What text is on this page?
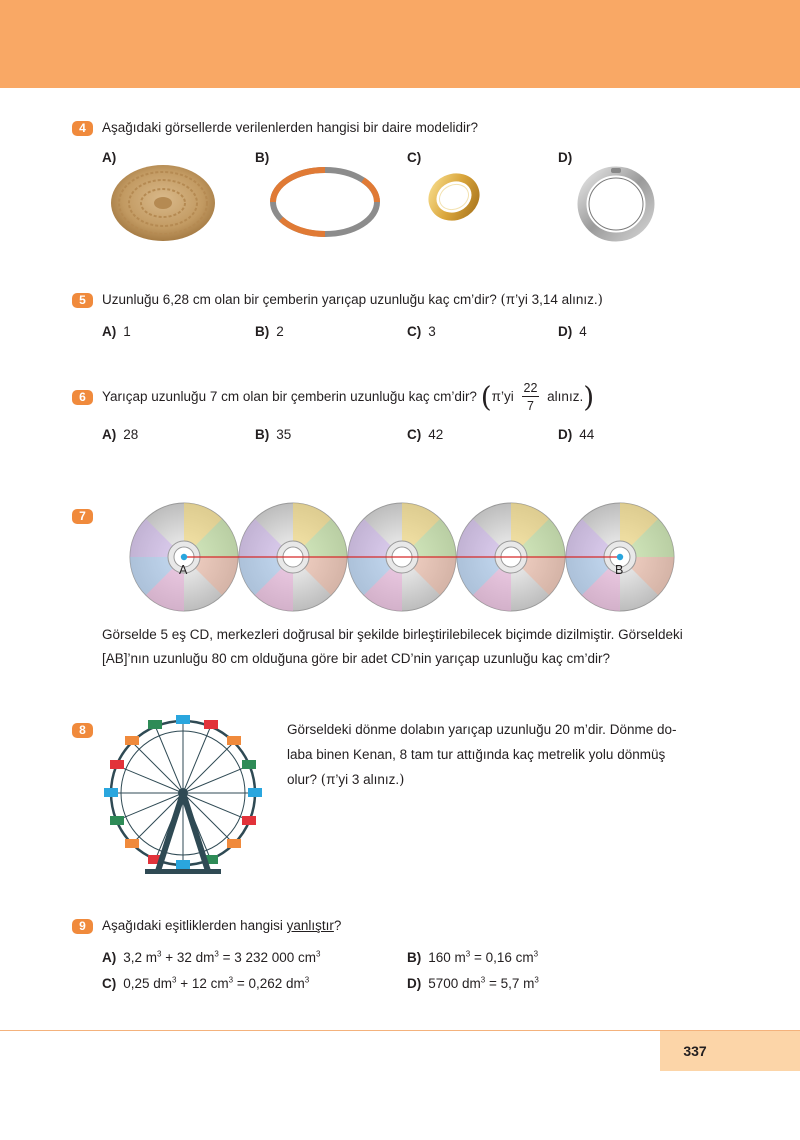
4	Aşağıdaki görsellerde verilenlerden hangisi bir daire modelidir?
A)	B)	C)	D)
5	Uzunluğu 6,28 cm olan bir çemberin yarıçap uzunluğu kaç cm’dir? (π’yi 3,14 alınız.)
A) 1	B) 2	C) 3	D) 4
6	Yarıçap uzunluğu 7 cm olan bir çemberin uzunluğu kaç cm’dir? (π’yi $\frac{22}{7}$ alınız.)
A) 28	B) 35	C) 42	D) 44
7
A	B
Görselde 5 eş CD, merkezleri doğrusal bir şekilde birleştirilebilecek biçimde dizilmiştir. Görseldeki
[AB]’nın uzunluğu 80 cm olduğuna göre bir adet CD’nin yarıçap uzunluğu kaç cm’dir?
8	Görseldeki dönme dolabın yarıçap uzunluğu 20 m’dir. Dönme do-
laba binen Kenan, 8 tam tur attığında kaç metrelik yolu dönmüş
olur? (π’yi 3 alınız.)
9	Aşağıdaki eşitliklerden hangisi yanlıştır?
A) 3,2 $m^3 + 32$ $dm^3 = 3$ 232 000 $cm^3$	B) 160 $m^3 = 0,16$ $cm^3$
C) 0,25 $dm^3 + 12$ $cm^3 = 0,262$ $dm^3$	D) 5700 $dm^3 = 5,7$ $m^3$
337
